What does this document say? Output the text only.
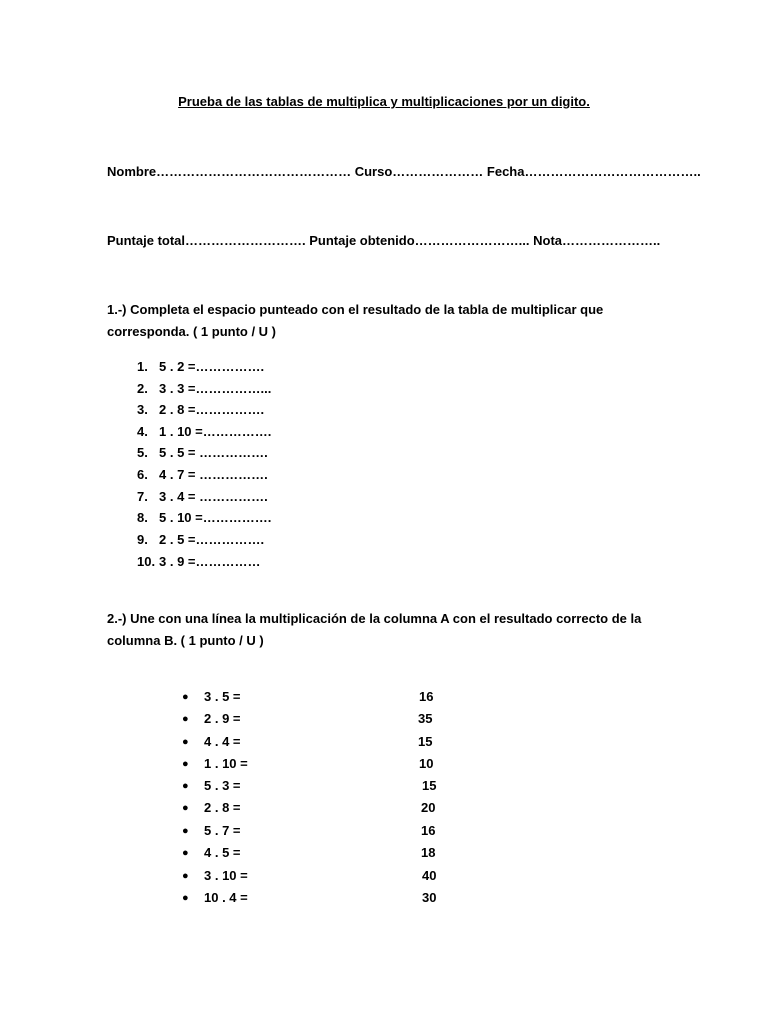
Prueba de las tablas de multiplica y multiplicaciones por un digito.
Nombre……………………………………… Curso………………… Fecha…………………………………..
Puntaje total………………………. Puntaje obtenido……………………... Nota…………………..
1.-) Completa el espacio punteado con el resultado de la tabla de multiplicar que
corresponda. ( 1 punto / U )
1. 5 . 2 =…………….
2. 3 . 3 =……………...
3. 2 . 8 =…………….
4. 1 . 10 =…………….
5. 5 . 5 = …………….
6. 4 . 7 = …………….
7. 3 . 4 = …………….
8. 5 . 10 =…………….
9. 2 . 5 =…………….
10. 3 . 9 =……………
2.-) Une con una línea la multiplicación de la columna A con el resultado correcto de la
columna B. ( 1 punto / U )
● 3 . 5 =	16
● 2 . 9 =	35
● 4 . 4 =	15
● 1 . 10 =	10
● 5 . 3 =	15
● 2 . 8 =	20
● 5 . 7 =	16
● 4 . 5 =	18
● 3 . 10 =	40
● 10 . 4 =	30
